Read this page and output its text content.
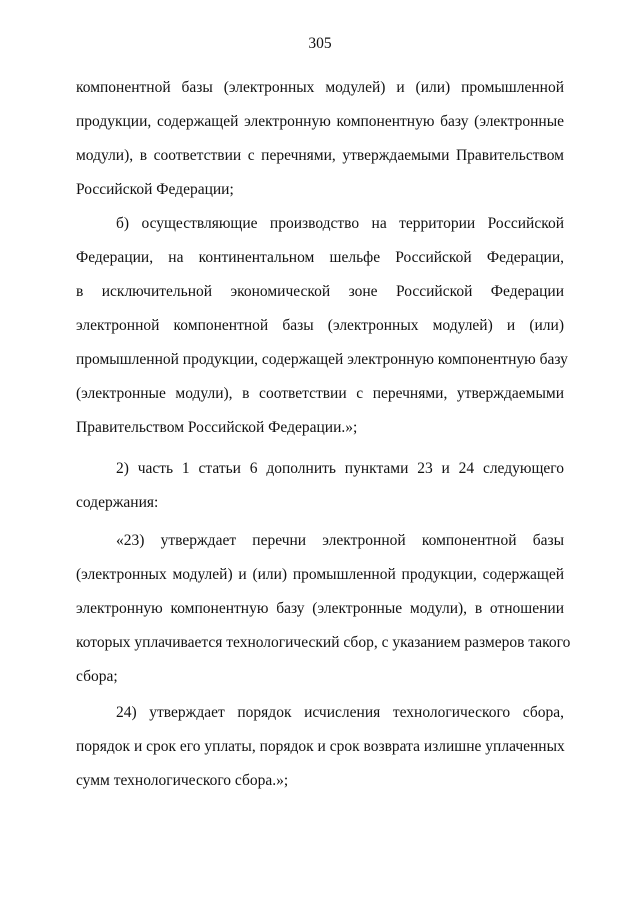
305
компонентной базы (электронных модулей) и (или) промышленной
продукции, содержащей электронную компонентную базу (электронные
модули), в соответствии с перечнями, утверждаемыми Правительством
Российской Федерации;
б) осуществляющие производство на территории Российской
Федерации, на континентальном шельфе Российской Федерации,
в исключительной экономической зоне Российской Федерации
электронной компонентной базы (электронных модулей) и (или)
промышленной продукции, содержащей электронную компонентную базу
(электронные модули), в соответствии с перечнями, утверждаемыми
Правительством Российской Федерации.»;
2) часть 1 статьи 6 дополнить пунктами 23 и 24 следующего
содержания:
«23) утверждает перечни электронной компонентной базы
(электронных модулей) и (или) промышленной продукции, содержащей
электронную компонентную базу (электронные модули), в отношении
которых уплачивается технологический сбор, с указанием размеров такого
сбора;
24) утверждает порядок исчисления технологического сбора,
порядок и срок его уплаты, порядок и срок возврата излишне уплаченных
сумм технологического сбора.»;
